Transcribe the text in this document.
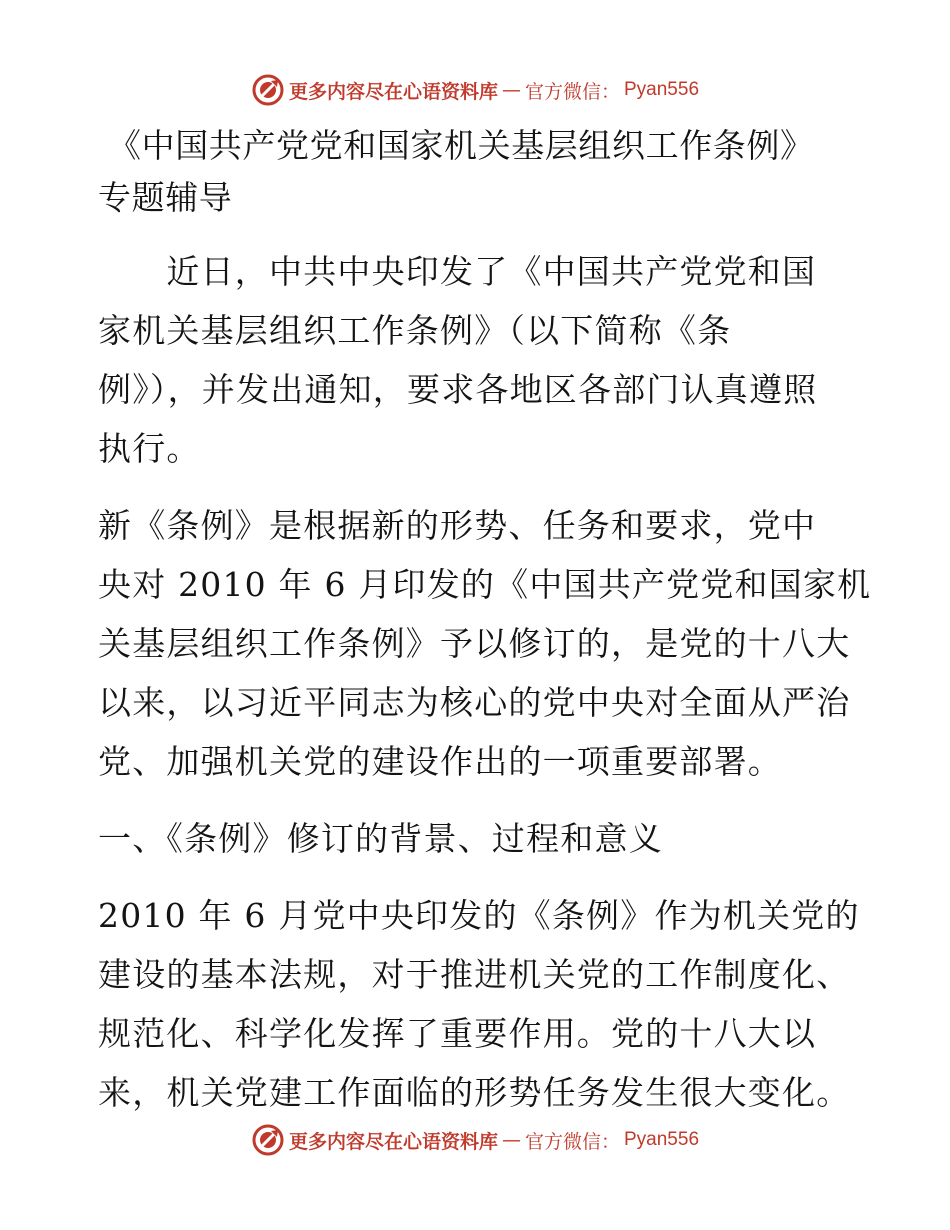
更多内容尽在心语资料库 — 官方微信： Pyan556
《中国共产党党和国家机关基层组织工作条例》
专题辅导
　　近日，中共中央印发了《中国共产党党和国
家机关基层组织工作条例》（以下简称《条
例》），并发出通知，要求各地区各部门认真遵照
执行。
新《条例》是根据新的形势、任务和要求，党中
央对 2010 年 6 月印发的《中国共产党党和国家机
关基层组织工作条例》予以修订的，是党的十八大
以来，以习近平同志为核心的党中央对全面从严治
党、加强机关党的建设作出的一项重要部署。
一、《条例》修订的背景、过程和意义
2010 年 6 月党中央印发的《条例》作为机关党的
建设的基本法规，对于推进机关党的工作制度化、
规范化、科学化发挥了重要作用。党的十八大以
来，机关党建工作面临的形势任务发生很大变化。
更多内容尽在心语资料库 — 官方微信： Pyan556
